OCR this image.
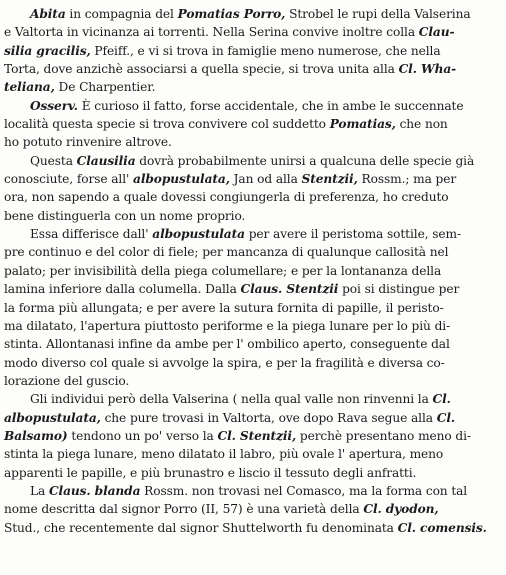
Abita in compagnia del Pomatias Porro, Strobel le rupi della Valserina
e Valtorta in vicinanza ai torrenti. Nella Serina convive inoltre colla Clau-
silia gracilis, Pfeiff., e vi si trova in famiglie meno numerose, che nella
Torta, dove anzichè associarsi a quella specie, si trova unita alla Cl. Wha-
teliana, De Charpentier.
Osserv. È curioso il fatto, forse accidentale, che in ambe le succennate
località questa specie si trova convivere col suddetto Pomatias, che non
ho potuto rinvenire altrove.
Questa Clausilia dovrà probabilmente unirsi a qualcuna delle specie già
conosciute, forse all' albopustulata, Jan od alla Stentzii, Rossm.; ma per
ora, non sapendo a quale dovessi congiungerla di preferenza, ho creduto
bene distinguerla con un nome proprio.
Essa differisce dall' albopustulata per avere il peristoma sottile, sem-
pre continuo e del color di fiele; per mancanza di qualunque callosità nel
palato; per invisibilità della piega columellare; e per la lontananza della
lamina inferiore dalla columella. Dalla Claus. Stentzii poi si distingue per
la forma più allungata; e per avere la sutura fornita di papille, il peristo-
ma dilatato, l'apertura piuttosto periforme e la piega lunare per lo più di-
stinta. Allontanasi infine da ambe per l' ombilico aperto, conseguente dal
modo diverso col quale si avvolge la spira, e per la fragilità e diversa co-
lorazione del guscio.
Gli individui però della Valserina ( nella qual valle non rinvenni la Cl.
albopustulata, che pure trovasi in Valtorta, ove dopo Rava segue alla Cl.
Balsamo) tendono un po' verso la Cl. Stentzii, perchè presentano meno di-
stinta la piega lunare, meno dilatato il labro, più ovale l' apertura, meno
apparenti le papille, e più brunastro e liscio il tessuto degli anfratti.
La Claus. blanda Rossm. non trovasi nel Comasco, ma la forma con tal
nome descritta dal signor Porro (II, 57) è una varietà della Cl. dyodon,
Stud., che recentemente dal signor Shuttelworth fu denominata Cl. comensis.
